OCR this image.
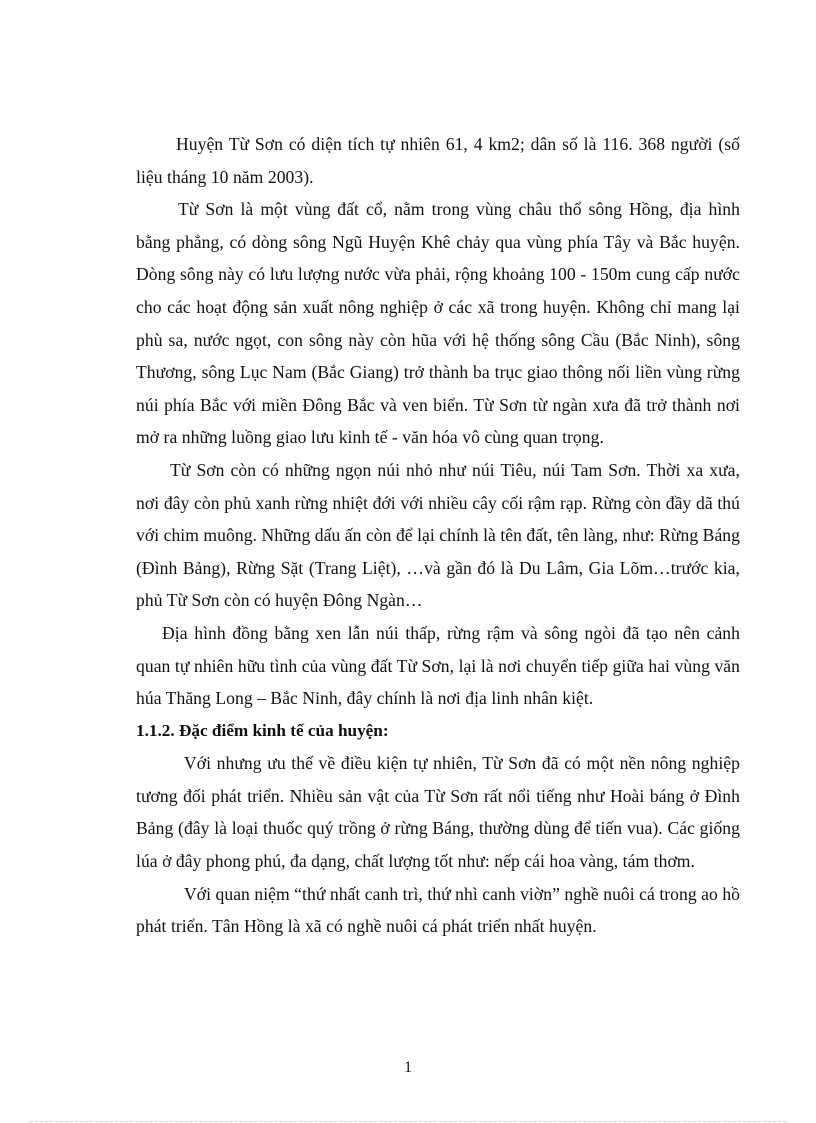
Huyện Từ Sơn có diện tích tự nhiên 61, 4 km2; dân số là 116. 368 người (số liệu tháng 10 năm 2003).

Từ Sơn là một vùng đất cổ, nằm trong vùng châu thổ sông Hồng, địa hình bằng phẳng, có dòng sông Ngũ Huyện Khê chảy qua vùng phía Tây và Bắc huyện. Dòng sông này có lưu lượng nước vừa phải, rộng khoảng 100 - 150m cung cấp nước cho các hoạt động sản xuất nông nghiệp ở các xã trong huyện. Không chỉ mang lại phù sa, nước ngọt, con sông này còn hũa với hệ thống sông Cầu (Bắc Ninh), sông Thương, sông Lục Nam (Bắc Giang) trở thành ba trục giao thông nối liền vùng rừng núi phía Bắc với miền Đông Bắc và ven biển. Từ Sơn từ ngàn xưa đã trở thành nơi mở ra những luồng giao lưu kinh tế - văn hóa vô cùng quan trọng.

Từ Sơn còn có những ngọn núi nhỏ như núi Tiêu, núi Tam Sơn. Thời xa xưa, nơi đây còn phủ xanh rừng nhiệt đới với nhiều cây cối rậm rạp. Rừng còn đầy dã thú với chim muông. Những dấu ấn còn để lại chính là tên đất, tên làng, như: Rừng Báng (Đình Bảng), Rừng Sặt (Trang Liệt), …và gần đó là Du Lâm, Gia Lõm…trước kia, phủ Từ Sơn còn có huyện Đông Ngàn…

Địa hình đồng bằng xen lẫn núi thấp, rừng rậm và sông ngòi đã tạo nên cảnh quan tự nhiên hữu tình của vùng đất Từ Sơn, lại là nơi chuyển tiếp giữa hai vùng văn húa Thăng Long – Bắc Ninh, đây chính là nơi địa linh nhân kiệt.

1.1.2. Đặc điểm kinh tế của huyện:

Với nhưng ưu thế về điều kiện tự nhiên, Từ Sơn đã có một nền nông nghiệp tương đối phát triển. Nhiều sản vật của Từ Sơn rất nổi tiếng như Hoài báng ở Đình Bảng (đây là loại thuốc quý trồng ở rừng Báng, thường dùng để tiến vua). Các giống lúa ở đây phong phú, đa dạng, chất lượng tốt như: nếp cái hoa vàng, tám thơm.

Với quan niệm “thứ nhất canh trì, thứ nhì canh viờn” nghề nuôi cá trong ao hồ phát triển. Tân Hồng là xã có nghề nuôi cá phát triển nhất huyện.

1
